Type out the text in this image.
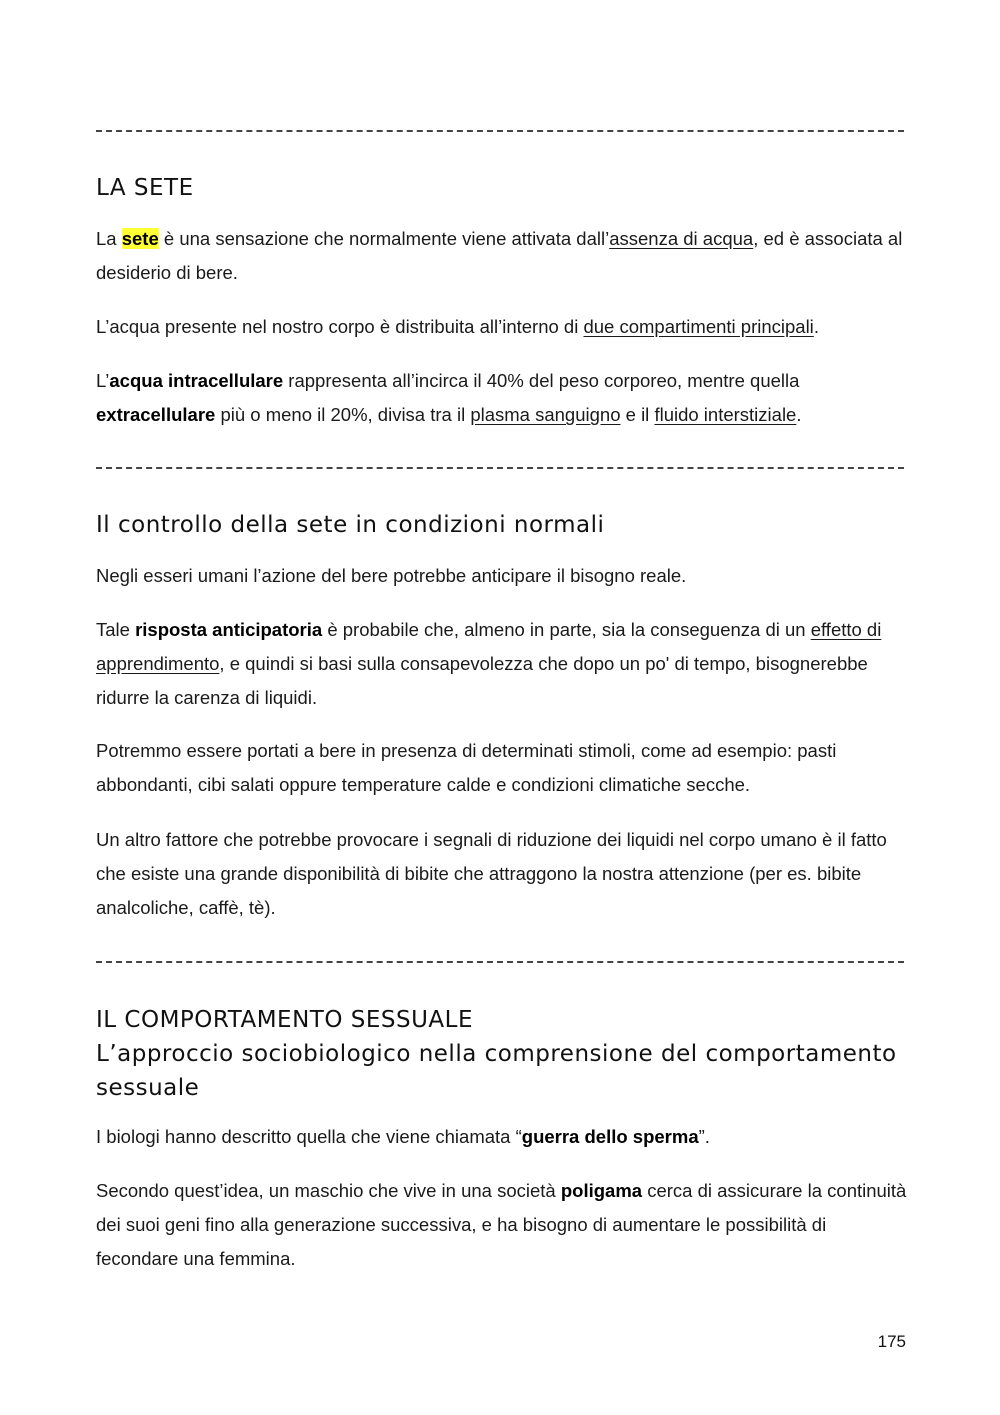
LA SETE

La sete è una sensazione che normalmente viene attivata dall’assenza di acqua, ed è associata al desiderio di bere.

L’acqua presente nel nostro corpo è distribuita all’interno di due compartimenti principali.

L’acqua intracellulare rappresenta all’incirca il 40% del peso corporeo, mentre quella extracellulare più o meno il 20%, divisa tra il plasma sanguigno e il fluido interstiziale.

Il controllo della sete in condizioni normali

Negli esseri umani l’azione del bere potrebbe anticipare il bisogno reale.

Tale risposta anticipatoria è probabile che, almeno in parte, sia la conseguenza di un effetto di apprendimento, e quindi si basi sulla consapevolezza che dopo un po' di tempo, bisognerebbe ridurre la carenza di liquidi.

Potremmo essere portati a bere in presenza di determinati stimoli, come ad esempio: pasti abbondanti, cibi salati oppure temperature calde e condizioni climatiche secche.

Un altro fattore che potrebbe provocare i segnali di riduzione dei liquidi nel corpo umano è il fatto che esiste una grande disponibilità di bibite che attraggono la nostra attenzione (per es. bibite analcoliche, caffè, tè).

IL COMPORTAMENTO SESSUALE
L’approccio sociobiologico nella comprensione del comportamento sessuale

I biologi hanno descritto quella che viene chiamata “guerra dello sperma”.

Secondo quest’idea, un maschio che vive in una società poligama cerca di assicurare la continuità dei suoi geni fino alla generazione successiva, e ha bisogno di aumentare le possibilità di fecondare una femmina.

175
